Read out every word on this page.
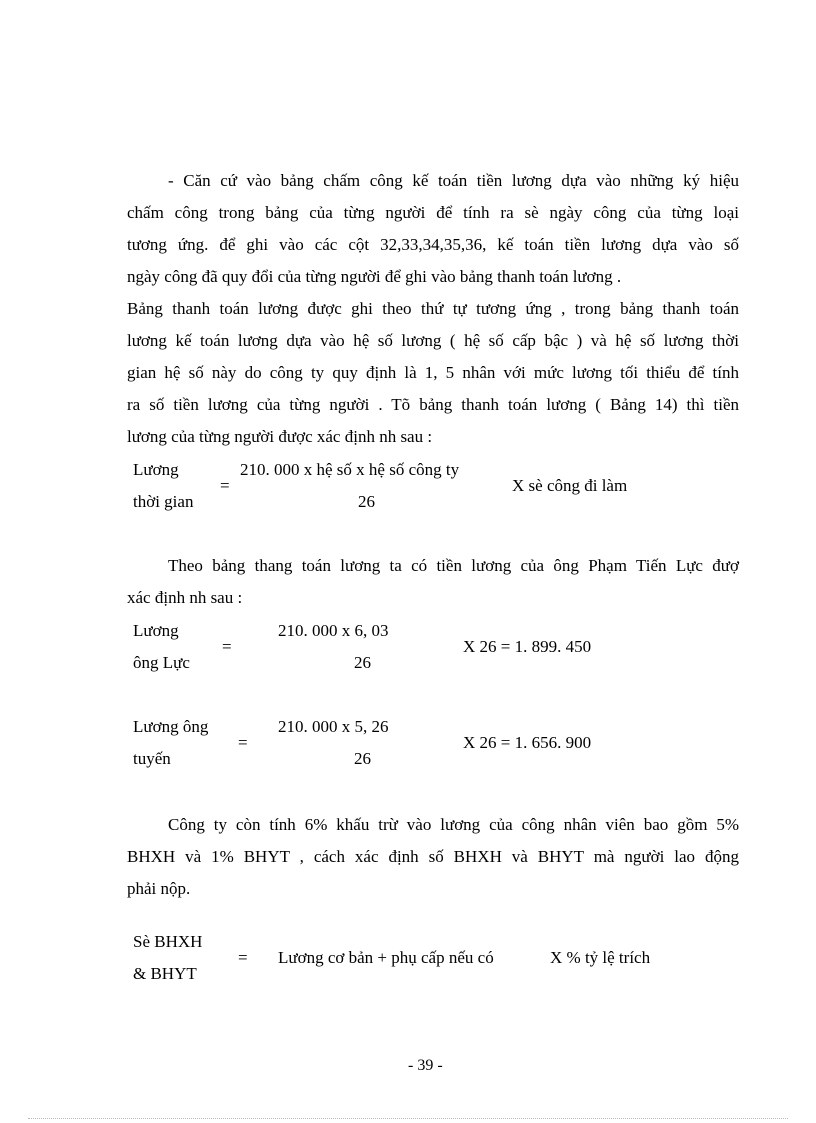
- Căn cứ vào bảng chấm công kế toán tiền lương dựa vào những ký hiệu
chấm công trong bảng của từng người để tính ra sè ngày công của từng loại
tương ứng. để ghi vào các cột 32,33,34,35,36, kế toán tiền lương dựa vào số
ngày công đã quy đổi của từng người để ghi vào bảng thanh toán lương .
Bảng thanh toán lương được ghi theo thứ tự tương ứng , trong bảng thanh toán
lương kế toán lương dựa vào hệ số lương ( hệ số cấp bậc ) và hệ số lương thời
gian hệ số này do công ty quy định là 1, 5 nhân với mức lương tối thiểu để tính
ra số tiền lương của từng người . Tõ bảng thanh toán lương ( Bảng 14) thì tiền
lương của từng người được xác định nh sau :
Lương
thời gian
=
210. 000 x hệ số x hệ số công ty
26
X sè công đi làm
Theo bảng thang toán lương ta có tiền lương của ông Phạm Tiến Lực đượ
xác định nh sau :
Lương
ông Lực
=
210. 000 x 6, 03
26
X 26 = 1. 899. 450
Lương ông
tuyến
=
210. 000 x 5, 26
26
X 26 = 1. 656. 900
Công ty còn tính 6% khấu trừ vào lương của công nhân viên bao gồm 5%
BHXH và 1% BHYT , cách xác định số BHXH và BHYT mà người lao động
phải nộp.
Sè BHXH
& BHYT
= Lương cơ bản + phụ cấp nếu có	X % tỷ lệ trích
- 39 -
